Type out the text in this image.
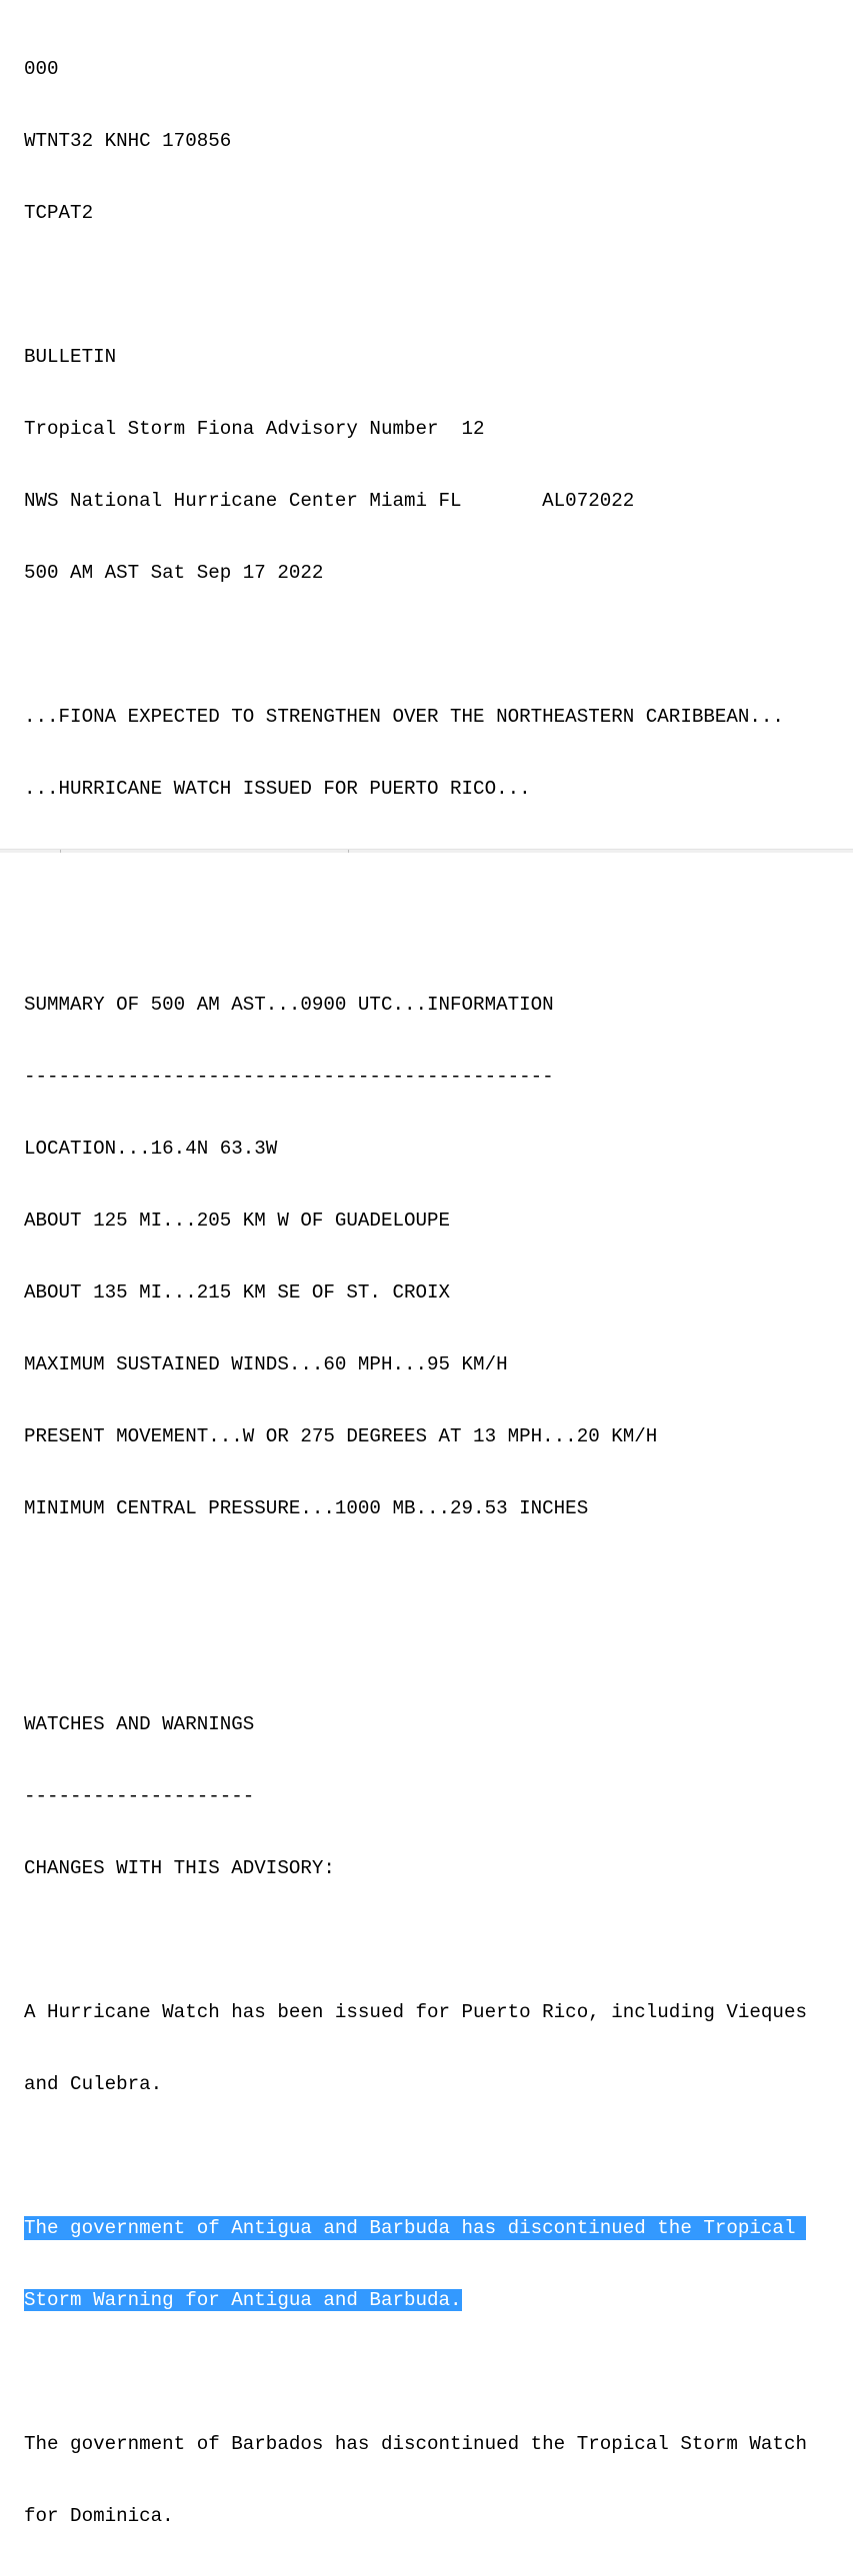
000

WTNT32 KNHC 170856

TCPAT2

BULLETIN

Tropical Storm Fiona Advisory Number  12

NWS National Hurricane Center Miami FL       AL072022

500 AM AST Sat Sep 17 2022

...FIONA EXPECTED TO STRENGTHEN OVER THE NORTHEASTERN CARIBBEAN...

...HURRICANE WATCH ISSUED FOR PUERTO RICO...

SUMMARY OF 500 AM AST...0900 UTC...INFORMATION

----------------------------------------------

LOCATION...16.4N 63.3W

ABOUT 125 MI...205 KM W OF GUADELOUPE

ABOUT 135 MI...215 KM SE OF ST. CROIX

MAXIMUM SUSTAINED WINDS...60 MPH...95 KM/H

PRESENT MOVEMENT...W OR 275 DEGREES AT 13 MPH...20 KM/H

MINIMUM CENTRAL PRESSURE...1000 MB...29.53 INCHES

WATCHES AND WARNINGS

--------------------

CHANGES WITH THIS ADVISORY:

A Hurricane Watch has been issued for Puerto Rico, including Vieques

and Culebra.

The government of Antigua and Barbuda has discontinued the Tropical

Storm Warning for Antigua and Barbuda.

The government of Barbados has discontinued the Tropical Storm Watch

for Dominica.
